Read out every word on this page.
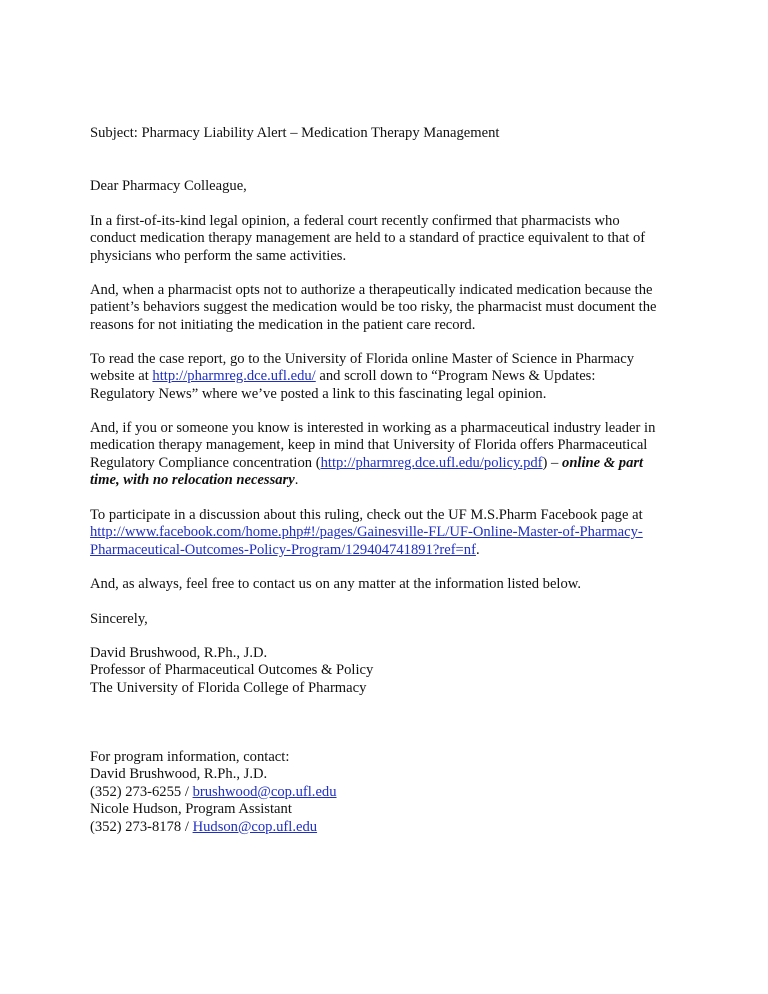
Subject: Pharmacy Liability Alert – Medication Therapy Management

Dear Pharmacy Colleague,

In a first-of-its-kind legal opinion, a federal court recently confirmed that pharmacists who
conduct medication therapy management are held to a standard of practice equivalent to that of
physicians who perform the same activities.

And, when a pharmacist opts not to authorize a therapeutically indicated medication because the
patient’s behaviors suggest the medication would be too risky, the pharmacist must document the
reasons for not initiating the medication in the patient care record.

To read the case report, go to the University of Florida online Master of Science in Pharmacy
website at http://pharmreg.dce.ufl.edu/ and scroll down to “Program News & Updates:
Regulatory News” where we’ve posted a link to this fascinating legal opinion.

And, if you or someone you know is interested in working as a pharmaceutical industry leader in
medication therapy management, keep in mind that University of Florida offers Pharmaceutical
Regulatory Compliance concentration (http://pharmreg.dce.ufl.edu/policy.pdf) – online & part
time, with no relocation necessary.

To participate in a discussion about this ruling, check out the UF M.S.Pharm Facebook page at
http://www.facebook.com/home.php#!/pages/Gainesville-FL/UF-Online-Master-of-Pharmacy-
Pharmaceutical-Outcomes-Policy-Program/129404741891?ref=nf.

And, as always, feel free to contact us on any matter at the information listed below.

Sincerely,

David Brushwood, R.Ph., J.D.
Professor of Pharmaceutical Outcomes & Policy
The University of Florida College of Pharmacy

For program information, contact:
David Brushwood, R.Ph., J.D.
(352) 273-6255 / brushwood@cop.ufl.edu
Nicole Hudson, Program Assistant
(352) 273-8178 / Hudson@cop.ufl.edu
